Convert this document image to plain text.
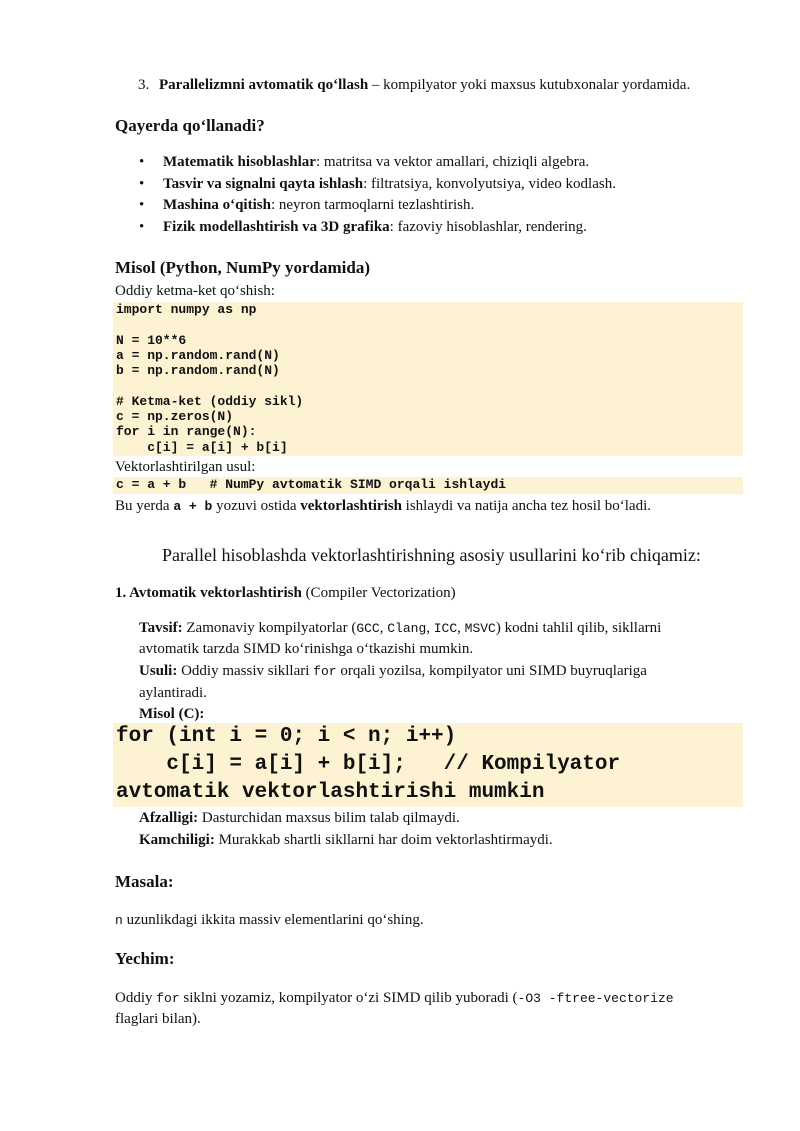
3. Parallelizmni avtomatik qo‘llash – kompilyator yoki maxsus kutubxonalar yordamida.
Qayerda qo‘llanadi?
• Matematik hisoblashlar: matritsa va vektor amallari, chiziqli algebra.
• Tasvir va signalni qayta ishlash: filtratsiya, konvolyutsiya, video kodlash.
• Mashina o‘qitish: neyron tarmoqlarni tezlashtirish.
• Fizik modellashtirish va 3D grafika: fazoviy hisoblashlar, rendering.
Misol (Python, NumPy yordamida)
Oddiy ketma-ket qo‘shish:
import numpy as np
N = 10**6
a = np.random.rand(N)
b = np.random.rand(N)
# Ketma-ket (oddiy sikl)
c = np.zeros(N)
for i in range(N):
c[i] = a[i] + b[i]
Vektorlashtirilgan usul:
c = a + b   # NumPy avtomatik SIMD orqali ishlaydi
Bu yerda a + b yozuvi ostida vektorlashtirish ishlaydi va natija ancha tez hosil bo‘ladi.
Parallel hisoblashda vektorlashtirishning asosiy usullarini ko‘rib chiqamiz:
1. Avtomatik vektorlashtirish (Compiler Vectorization)
Tavsif: Zamonaviy kompilyatorlar (GCC, Clang, ICC, MSVC) kodni tahlil qilib, sikllarni
avtomatik tarzda SIMD ko‘rinishga o‘tkazishi mumkin.
Usuli: Oddiy massiv sikllari for orqali yozilsa, kompilyator uni SIMD buyruqlariga
aylantiradi.
Misol (C):
for (int i = 0; i < n; i++)
c[i] = a[i] + b[i];   // Kompilyator
avtomatik vektorlashtirishi mumkin
Afzalligi: Dasturchidan maxsus bilim talab qilmaydi.
Kamchiligi: Murakkab shartli sikllarni har doim vektorlashtirmaydi.
Masala:
n uzunlikdagi ikkita massiv elementlarini qo‘shing.
Yechim:
Oddiy for siklni yozamiz, kompilyator o‘zi SIMD qilib yuboradi (-O3 -ftree-vectorize
flaglari bilan).
